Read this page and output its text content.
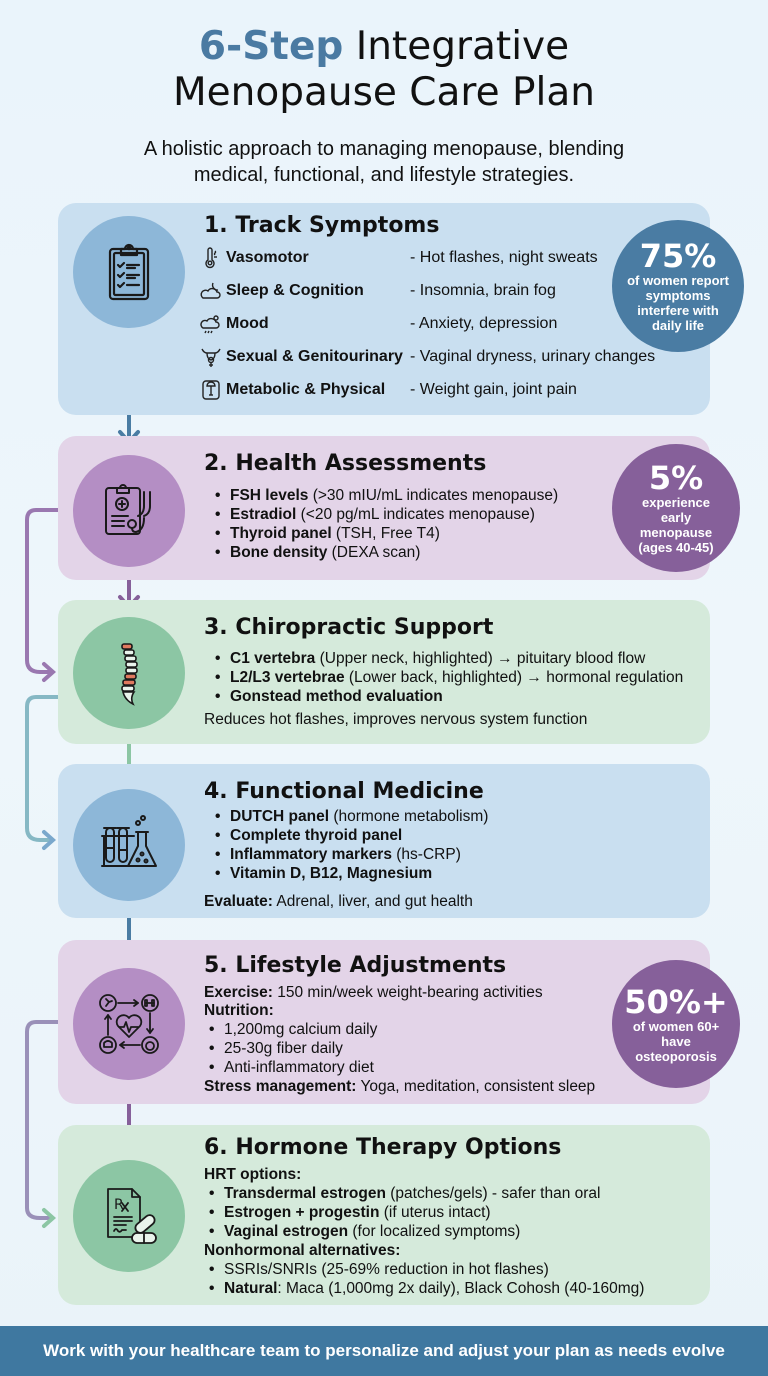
6-Step Integrative
Menopause Care Plan
A holistic approach to managing menopause, blending
medical, functional, and lifestyle strategies.
1. Track Symptoms
Vasomotor	- Hot flashes, night sweats
Sleep & Cognition	- Insomnia, brain fog
Mood	- Anxiety, depression
Sexual & Genitourinary - Vaginal dryness, urinary changes
Metabolic & Physical	- Weight gain, joint pain
75%
of women report symptoms interfere with daily life
2. Health Assessments
• FSH levels (>30 mIU/mL indicates menopause)
• Estradiol (<20 pg/mL indicates menopause)
• Thyroid panel (TSH, Free T4)
• Bone density (DEXA scan)
5%
experience early menopause (ages 40-45)
3. Chiropractic Support
• C1 vertebra (Upper neck, highlighted) → pituitary blood flow
• L2/L3 vertebrae (Lower back, highlighted) → hormonal regulation
• Gonstead method evaluation
Reduces hot flashes, improves nervous system function
4. Functional Medicine
• DUTCH panel (hormone metabolism)
• Complete thyroid panel
• Inflammatory markers (hs-CRP)
• Vitamin D, B12, Magnesium
Evaluate: Adrenal, liver, and gut health
5. Lifestyle Adjustments
Exercise: 150 min/week weight-bearing activities
Nutrition:
• 1,200mg calcium daily
• 25-30g fiber daily
• Anti-inflammatory diet
Stress management: Yoga, meditation, consistent sleep
50%+
of women 60+ have osteoporosis
R
6. Hormone Therapy Options
HRT options:
• Transdermal estrogen (patches/gels) - safer than oral
• Estrogen + progestin (if uterus intact)
• Vaginal estrogen (for localized symptoms)
Nonhormonal alternatives:
• SSRIs/SNRIs (25-69% reduction in hot flashes)
• Natural: Maca (1,000mg 2x daily), Black Cohosh (40-160mg)
Work with your healthcare team to personalize and adjust your plan as needs evolve
